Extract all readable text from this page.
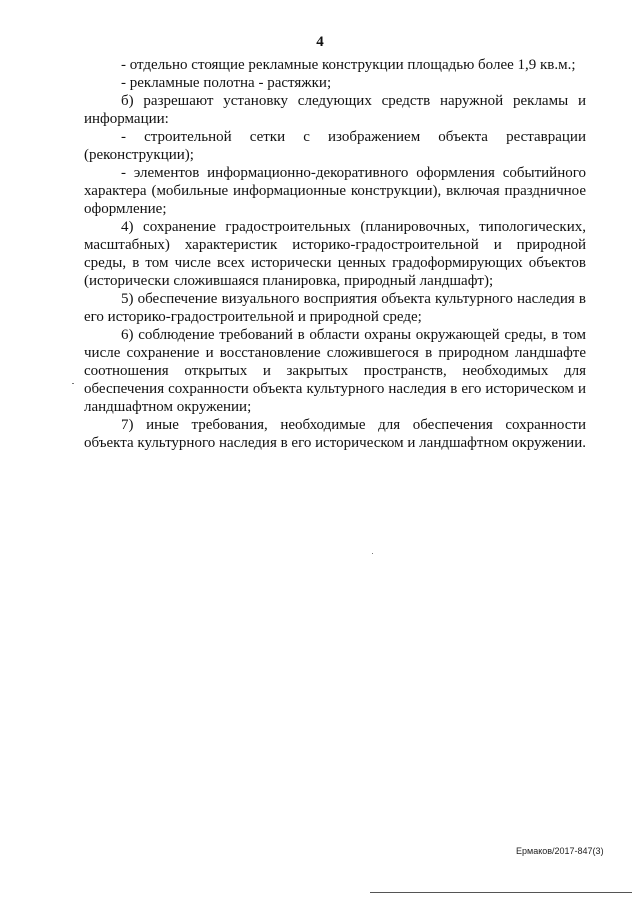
4

- отдельно стоящие рекламные конструкции площадью более 1,9 кв.м.;

- рекламные полотна - растяжки;

б) разрешают установку следующих средств наружной рекламы и информации:

- строительной сетки с изображением объекта реставрации (реконструкции);

- элементов информационно-декоративного оформления событийного характера (мобильные информационные конструкции), включая праздничное оформление;

4) сохранение градостроительных (планировочных, типологических, масштабных) характеристик историко-градостроительной и природной среды, в том числе всех исторически ценных градоформирующих объектов (исторически сложившаяся планировка, природный ландшафт);

5) обеспечение визуального восприятия объекта культурного наследия в его историко-градостроительной и природной среде;

6) соблюдение требований в области охраны окружающей среды, в том числе сохранение и восстановление сложившегося в природном ландшафте соотношения открытых и закрытых пространств, необходимых для обеспечения сохранности объекта культурного наследия в его историческом и ландшафтном окружении;

7) иные требования, необходимые для обеспечения сохранности объекта культурного наследия в его историческом и ландшафтном окружении.

Ермаков/2017-847(3)
